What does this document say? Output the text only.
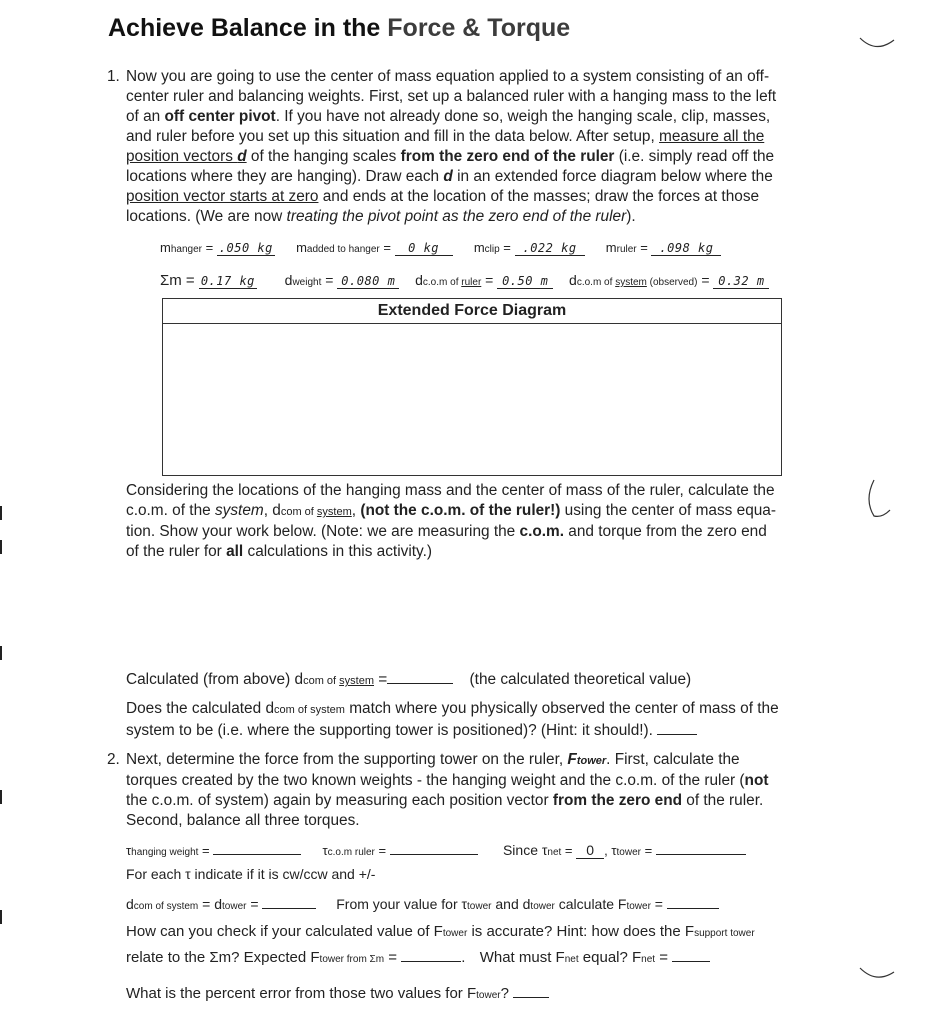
Achieve Balance in the Force & Torque
1. Now you are going to use the center of mass equation applied to a system consisting of an off-
center ruler and balancing weights. First, set up a balanced ruler with a hanging mass to the left
of an off center pivot. If you have not already done so, weigh the hanging scale, clip, masses,
and ruler before you set up this situation and fill in the data below. After setup, measure all the
position vectors d of the hanging scales from the zero end of the ruler (i.e. simply read off the
locations where they are hanging). Draw each d in an extended force diagram below where the
position vector starts at zero and ends at the location of the masses; draw the forces at those
locations. (We are now treating the pivot point as the zero end of the ruler).
mhanger = .050 kg madded to hanger = 0 kg	mclip = .022 kg mruler = .098 kg
Σm = 0.17 kg dweight = 0.080 m dc.o.m of ruler = 0.50 m dc.o.m of system (observed) = 0.32 m
Extended Force Diagram
Considering the locations of the hanging mass and the center of mass of the ruler, calculate the
c.o.m. of the system, dcom of system, (not the c.o.m. of the ruler!) using the center of mass equa-
tion. Show your work below. (Note: we are measuring the c.o.m. and torque from the zero end
of the ruler for all calculations in this activity.)
Calculated (from above) dcom of system =	(the calculated theoretical value)
Does the calculated dcom of system match where you physically observed the center of mass of the
system to be (i.e. where the supporting tower is positioned)? (Hint: it should!).
2. Next, determine the force from the supporting tower on the ruler, Ftower. First, calculate the
torques created by the two known weights - the hanging weight and the c.o.m. of the ruler (not
the c.o.m. of system) again by measuring each position vector from the zero end of the ruler.
Second, balance all three torques.
τhanging weight =	τc.o.m ruler =	Since τnet = 0 , τtower =
For each τ indicate if it is cw/ccw and +/-
dcom of system = dtower =	From your value for τtower and dtower calculate Ftower =
How can you check if your calculated value of Ftower is accurate? Hint: how does the Fsupport tower
relate to the Σm? Expected Ftower from Σm =	.  What must Fnet equal? Fnet =
What is the percent error from those two values for Ftower?
